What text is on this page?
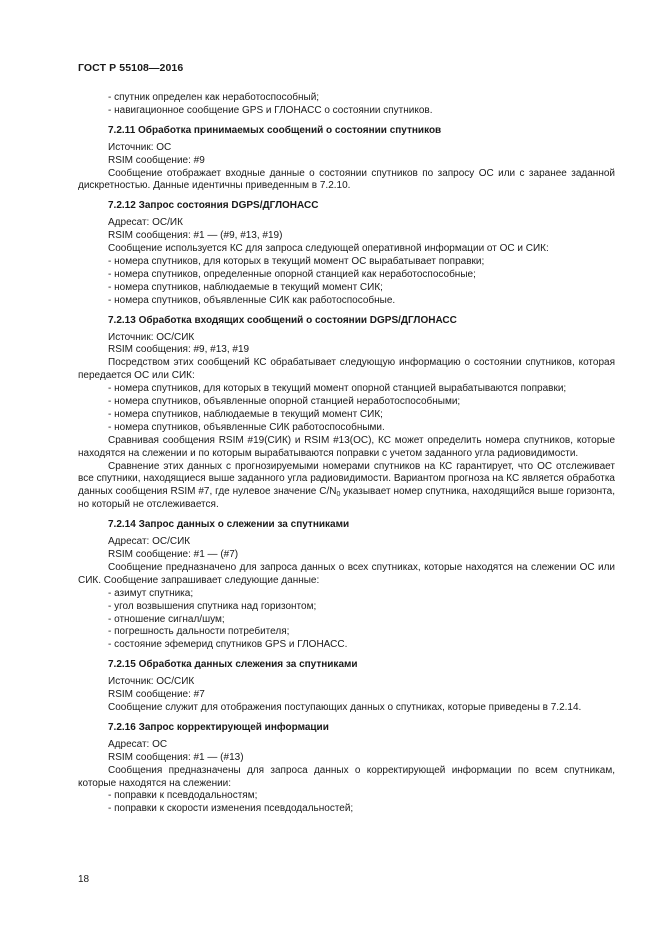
ГОСТ Р 55108—2016

- спутник определен как неработоспособный;

- навигационное сообщение GPS и ГЛОНАСС о состоянии спутников.

7.2.11 Обработка принимаемых сообщений о состоянии спутников

Источник: ОС

RSIM сообщение: #9

Сообщение отображает входные данные о состоянии спутников по запросу ОС или с заранее заданной дискретностью. Данные идентичны приведенным в 7.2.10.

7.2.12 Запрос состояния DGPS/ДГЛОНАСС

Адресат: ОС/ИК

RSIM сообщения: #1 — (#9, #13, #19)

Сообщение используется КС для запроса следующей оперативной информации от ОС и СИК:

- номера спутников, для которых в текущий момент ОС вырабатывает поправки;

- номера спутников, определенные опорной станцией как неработоспособные;

- номера спутников, наблюдаемые в текущий момент СИК;

- номера спутников, объявленные СИК как работоспособные.

7.2.13 Обработка входящих сообщений о состоянии DGPS/ДГЛОНАСС

Источник: ОС/СИК

RSIM сообщения: #9, #13, #19

Посредством этих сообщений КС обрабатывает следующую информацию о состоянии спутников, которая передается ОС или СИК:

- номера спутников, для которых в текущий момент опорной станцией вырабатываются поправки;

- номера спутников, объявленные опорной станцией неработоспособными;

- номера спутников, наблюдаемые в текущий момент СИК;

- номера спутников, объявленные СИК работоспособными.

Сравнивая сообщения RSIM #19(СИК) и RSIM #13(ОС), КС может определить номера спутников, которые находятся на слежении и по которым вырабатываются поправки с учетом заданного угла радиовидимости.

Сравнение этих данных с прогнозируемыми номерами спутников на КС гарантирует, что ОС отслеживает все спутники, находящиеся выше заданного угла радиовидимости. Вариантом прогноза на КС является обработка данных сообщения RSIM #7, где нулевое значение $C/N_0$ указывает номер спутника, находящийся выше горизонта, но который не отслеживается.

7.2.14 Запрос данных о слежении за спутниками

Адресат: ОС/СИК

RSIM сообщение: #1 — (#7)

Сообщение предназначено для запроса данных о всех спутниках, которые находятся на слежении ОС или СИК. Сообщение запрашивает следующие данные:

- азимут спутника;

- угол возвышения спутника над горизонтом;

- отношение сигнал/шум;

- погрешность дальности потребителя;

- состояние эфемерид спутников GPS и ГЛОНАСС.

7.2.15 Обработка данных слежения за спутниками

Источник: ОС/СИК

RSIM сообщение: #7

Сообщение служит для отображения поступающих данных о спутниках, которые приведены в 7.2.14.

7.2.16 Запрос корректирующей информации

Адресат: ОС

RSIM сообщения: #1 — (#13)

Сообщения предназначены для запроса данных о корректирующей информации по всем спутникам, которые находятся на слежении:

- поправки к псевдодальностям;

- поправки к скорости изменения псевдодальностей;

18
